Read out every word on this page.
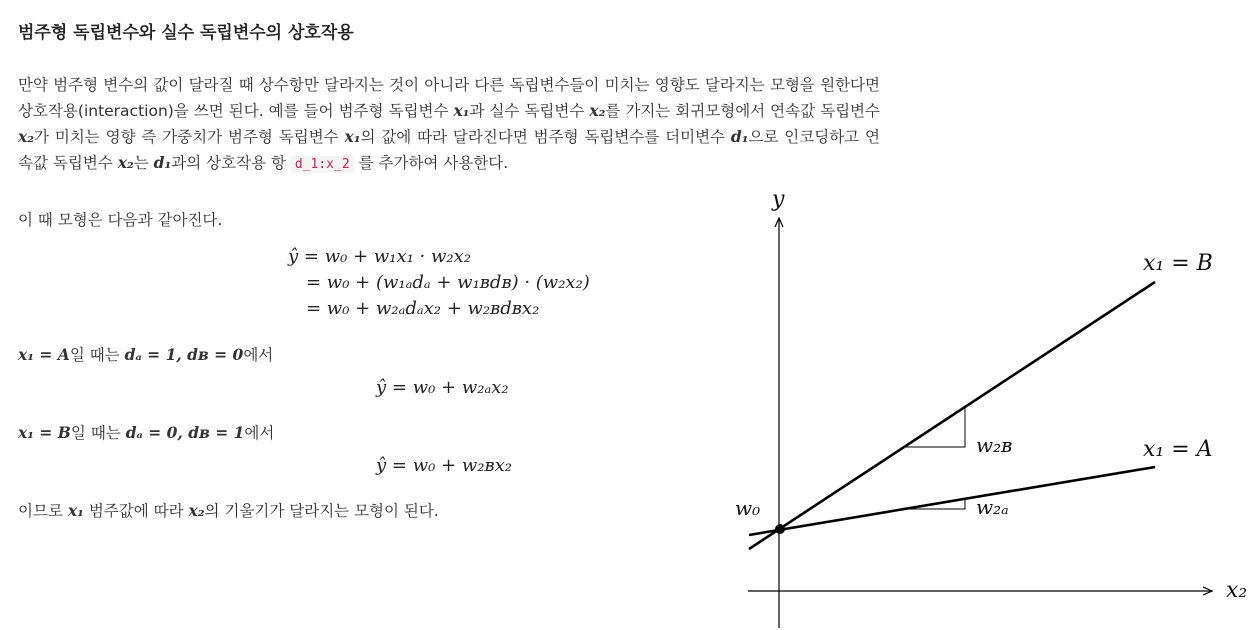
범주형 독립변수와 실수 독립변수의 상호작용
만약 범주형 변수의 값이 달라질 때 상수항만 달라지는 것이 아니라 다른 독립변수들이 미치는 영향도 달라지는 모형을 원한다면 상호작용(interaction)을 쓰면 된다. 예를 들어 범주형 독립변수 x₁과 실수 독립변수 x₂를 가지는 회귀모형에서 연속값 독립변수 x₂가 미치는 영향 즉 가중치가 범주형 독립변수 x₁의 값에 따라 달라진다면 범주형 독립변수를 더미변수 d₁으로 인코딩하고 연속값 독립변수 x₂는 d₁과의 상호작용 항 d_1:x_2 를 추가하여 사용한다.
이 때 모형은 다음과 같아진다.
ŷ = w₀ + w₁x₁ · w₂x₂
= w₀ + (w₁ₐdₐ + w₁ʙdʙ) · (w₂x₂)
= w₀ + w₂ₐdₐx₂ + w₂ʙdʙx₂
x₁ = A일 때는 dₐ = 1, dʙ = 0에서
ŷ = w₀ + w₂ₐx₂
x₁ = B일 때는 dₐ = 0, dʙ = 1에서
ŷ = w₀ + w₂ʙx₂
이므로 x₁ 범주값에 따라 x₂의 기울기가 달라지는 모형이 된다.
y
x₂
x₁ = B
x₁ = A
w₂ʙ
w₂ₐ
w₀
